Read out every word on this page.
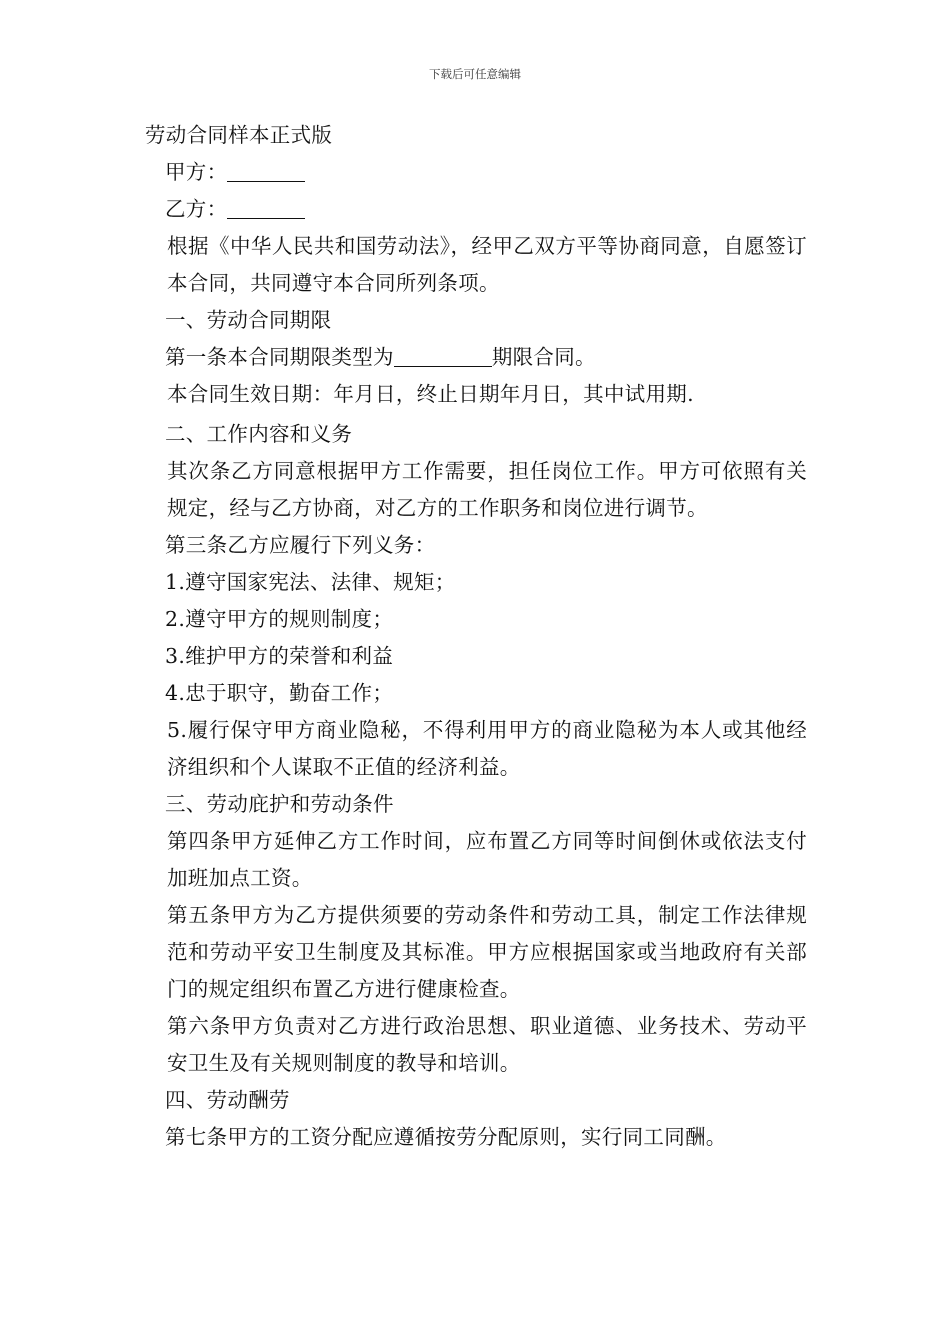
下载后可任意编辑
劳动合同样本正式版
甲方：
乙方：
根据《中华人民共和国劳动法》，经甲乙双方平等协商同意，自愿签订本合同，共同遵守本合同所列条项。
一、劳动合同期限
第一条本合同期限类型为	期限合同。
本合同生效日期：年月日，终止日期年月日，其中试用期.
二、工作内容和义务
其次条乙方同意根据甲方工作需要，担任岗位工作。甲方可依照有关规定，经与乙方协商，对乙方的工作职务和岗位进行调节。
第三条乙方应履行下列义务：
1.遵守国家宪法、法律、规矩；
2.遵守甲方的规则制度；
3.维护甲方的荣誉和利益
4.忠于职守，勤奋工作；
5.履行保守甲方商业隐秘，不得利用甲方的商业隐秘为本人或其他经济组织和个人谋取不正值的经济利益。
三、劳动庇护和劳动条件
第四条甲方延伸乙方工作时间，应布置乙方同等时间倒休或依法支付加班加点工资。
第五条甲方为乙方提供须要的劳动条件和劳动工具，制定工作法律规范和劳动平安卫生制度及其标准。甲方应根据国家或当地政府有关部门的规定组织布置乙方进行健康检查。
第六条甲方负责对乙方进行政治思想、职业道德、业务技术、劳动平安卫生及有关规则制度的教导和培训。
四、劳动酬劳
第七条甲方的工资分配应遵循按劳分配原则，实行同工同酬。
